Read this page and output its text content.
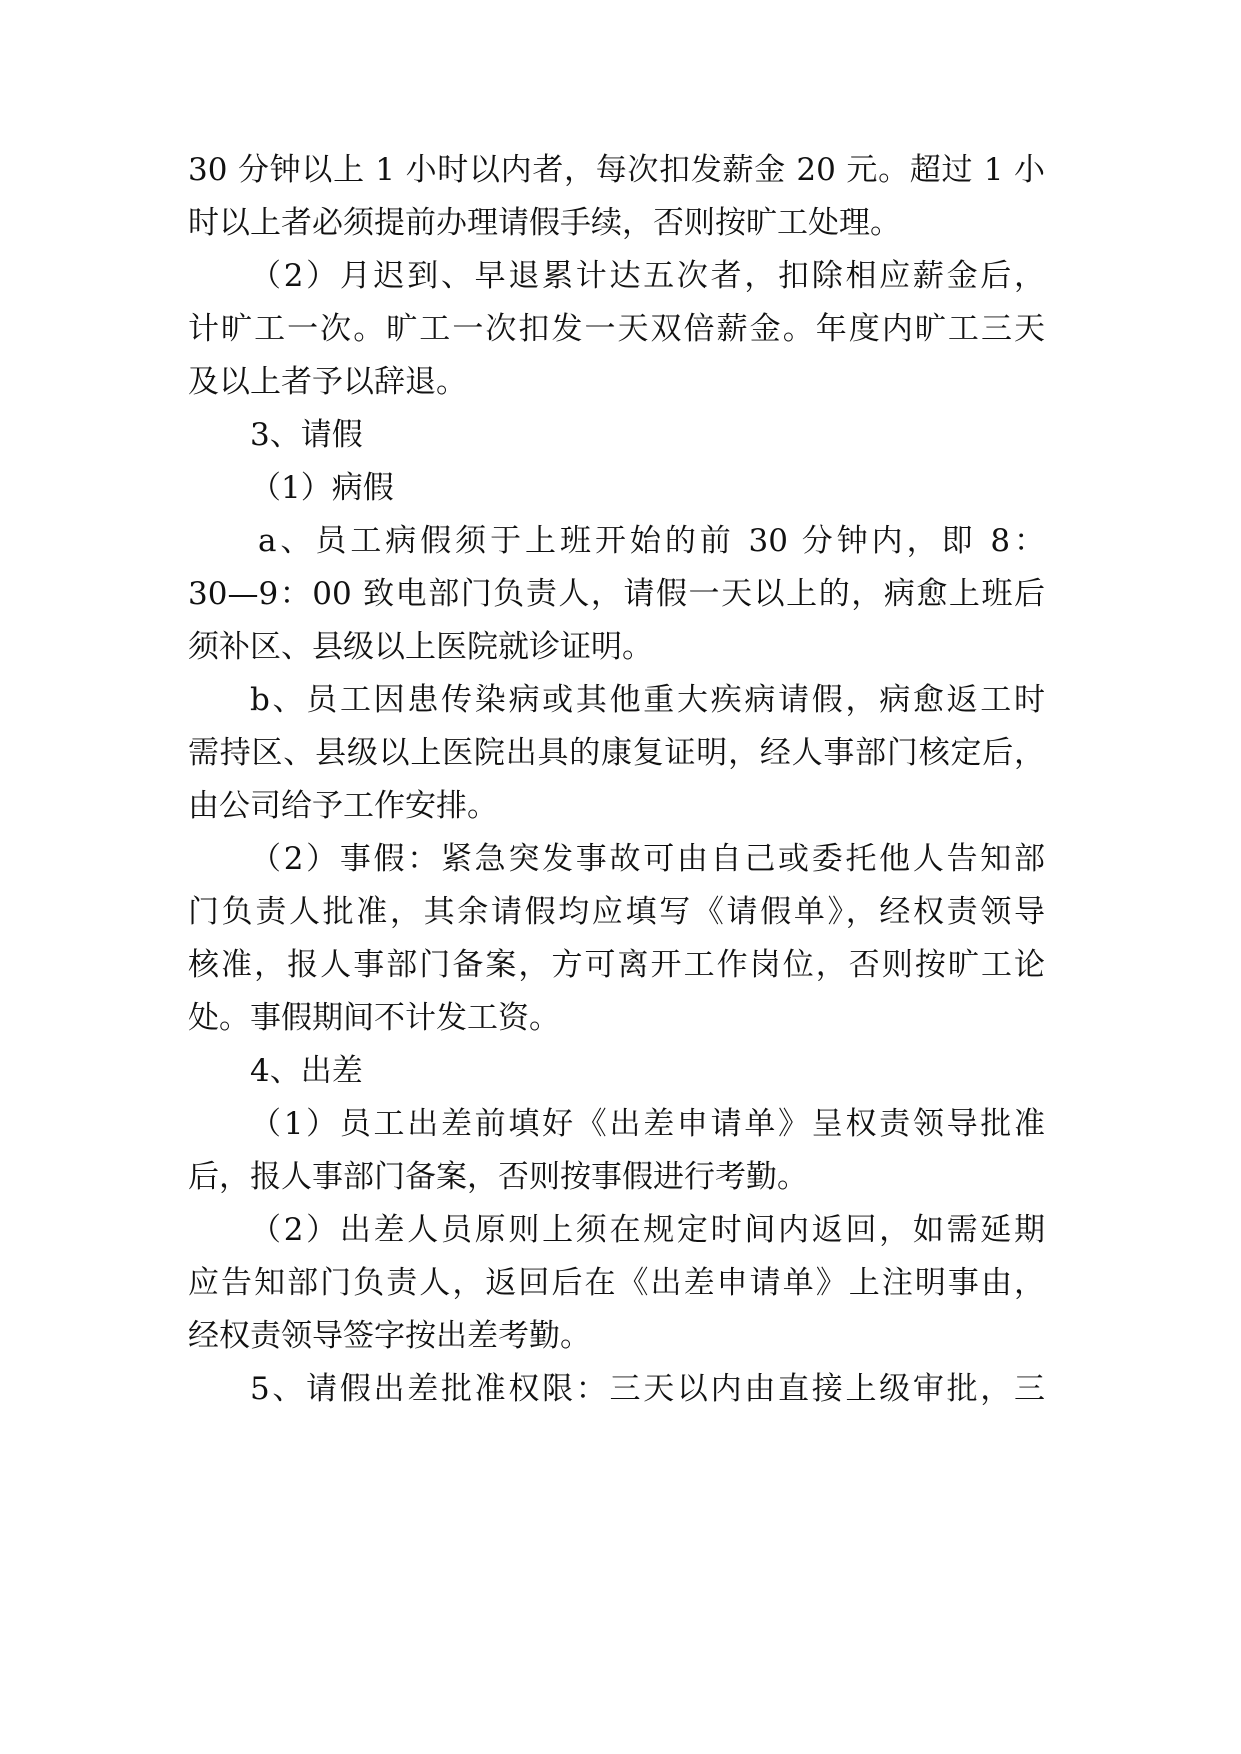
30 分钟以上 1 小时以内者，每次扣发薪金 20 元。超过 1 小
时以上者必须提前办理请假手续，否则按旷工处理。
（2）月迟到、早退累计达五次者，扣除相应薪金后，
计旷工一次。旷工一次扣发一天双倍薪金。年度内旷工三天
及以上者予以辞退。
3、请假
（1）病假
a、员工病假须于上班开始的前 30 分钟内，即 8：
30—9：00 致电部门负责人，请假一天以上的，病愈上班后
须补区、县级以上医院就诊证明。
b、员工因患传染病或其他重大疾病请假，病愈返工时
需持区、县级以上医院出具的康复证明，经人事部门核定后，
由公司给予工作安排。
（2）事假：紧急突发事故可由自己或委托他人告知部
门负责人批准，其余请假均应填写《请假单》，经权责领导
核准，报人事部门备案，方可离开工作岗位，否则按旷工论
处。事假期间不计发工资。
4、出差
（1）员工出差前填好《出差申请单》呈权责领导批准
后，报人事部门备案，否则按事假进行考勤。
（2）出差人员原则上须在规定时间内返回，如需延期
应告知部门负责人，返回后在《出差申请单》上注明事由，
经权责领导签字按出差考勤。
5、请假出差批准权限：三天以内由直接上级审批，三
